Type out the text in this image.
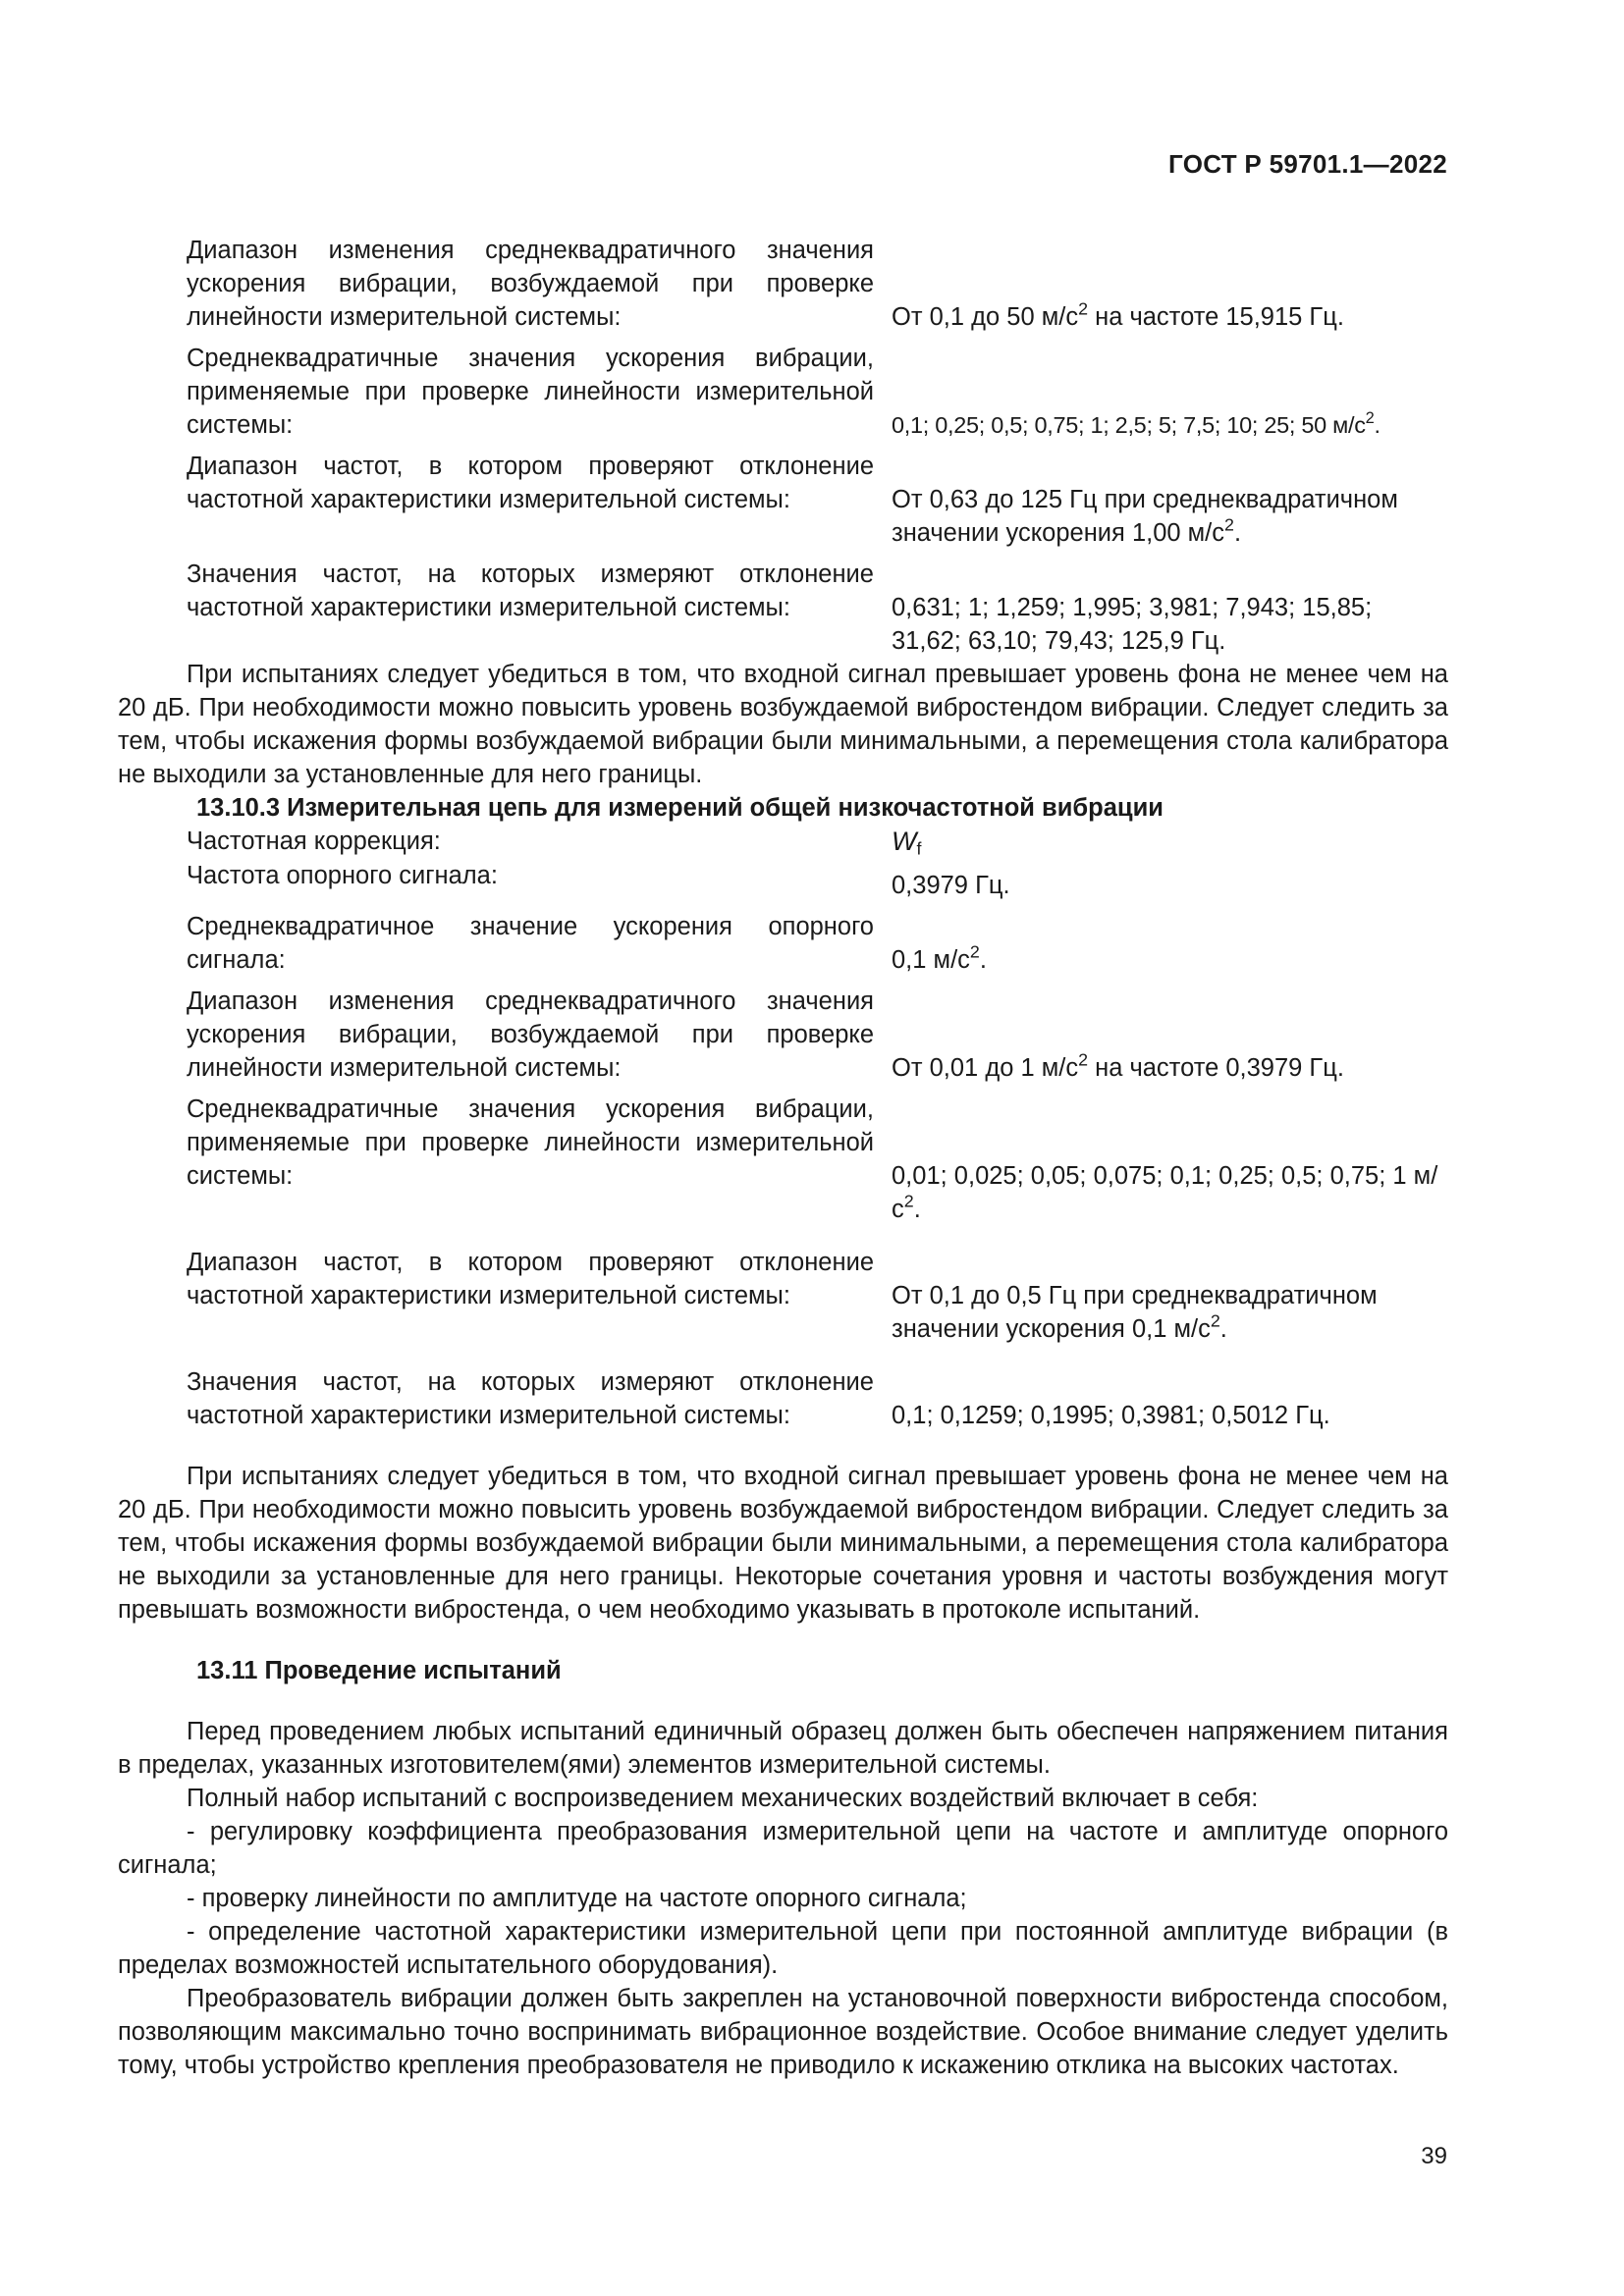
ГОСТ Р 59701.1—2022
Диапазон изменения среднеквадратичного значения ускорения вибрации, возбуждаемой при проверке линейности измерительной системы:	От 0,1 до 50 $м/с^2$ на частоте 15,915 Гц.
Среднеквадратичные значения ускорения вибрации, применяемые при проверке линейности измерительной системы:	0,1; 0,25; 0,5; 0,75; 1; 2,5; 5; 7,5; 10; 25; 50 $м/с^2$.
Диапазон частот, в котором проверяют отклонение частотной характеристики измерительной системы:	От 0,63 до 125 Гц при среднеквадратичном значении ускорения 1,00 $м/с^2$.
Значения частот, на которых измеряют отклонение частотной характеристики измерительной системы:	0,631; 1; 1,259; 1,995; 3,981; 7,943; 15,85; 31,62; 63,10; 79,43; 125,9 Гц.

При испытаниях следует убедиться в том, что входной сигнал превышает уровень фона не менее чем на 20 дБ. При необходимости можно повысить уровень возбуждаемой вибростендом вибрации. Следует следить за тем, чтобы искажения формы возбуждаемой вибрации были минимальными, а перемещения стола калибратора не выходили за установленные для него границы.

13.10.3 Измерительная цепь для измерений общей низкочастотной вибрации
Частотная коррекция:	$W_f$
Частота опорного сигнала:	0,3979 Гц.
Среднеквадратичное значение ускорения опорного сигнала:	0,1 $м/с^2$.
Диапазон изменения среднеквадратичного значения ускорения вибрации, возбуждаемой при проверке линейности измерительной системы:	От 0,01 до 1 $м/с^2$ на частоте 0,3979 Гц.
Среднеквадратичные значения ускорения вибрации, применяемые при проверке линейности измерительной системы:	0,01; 0,025; 0,05; 0,075; 0,1; 0,25; 0,5; 0,75; 1 $м/с^2$.
Диапазон частот, в котором проверяют отклонение частотной характеристики измерительной системы:	От 0,1 до 0,5 Гц при среднеквадратичном значении ускорения 0,1 $м/с^2$.
Значения частот, на которых измеряют отклонение частотной характеристики измерительной системы:	0,1; 0,1259; 0,1995; 0,3981; 0,5012 Гц.

При испытаниях следует убедиться в том, что входной сигнал превышает уровень фона не менее чем на 20 дБ. При необходимости можно повысить уровень возбуждаемой вибростендом вибрации. Следует следить за тем, чтобы искажения формы возбуждаемой вибрации были минимальными, а перемещения стола калибратора не выходили за установленные для него границы. Некоторые сочетания уровня и частоты возбуждения могут превышать возможности вибростенда, о чем необходимо указывать в протоколе испытаний.

13.11 Проведение испытаний

Перед проведением любых испытаний единичный образец должен быть обеспечен напряжением питания в пределах, указанных изготовителем(ями) элементов измерительной системы.

Полный набор испытаний с воспроизведением механических воздействий включает в себя:

- регулировку коэффициента преобразования измерительной цепи на частоте и амплитуде опорного сигнала;

- проверку линейности по амплитуде на частоте опорного сигнала;

- определение частотной характеристики измерительной цепи при постоянной амплитуде вибрации (в пределах возможностей испытательного оборудования).

Преобразователь вибрации должен быть закреплен на установочной поверхности вибростенда способом, позволяющим максимально точно воспринимать вибрационное воздействие. Особое внимание следует уделить тому, чтобы устройство крепления преобразователя не приводило к искажению отклика на высоких частотах.

39
